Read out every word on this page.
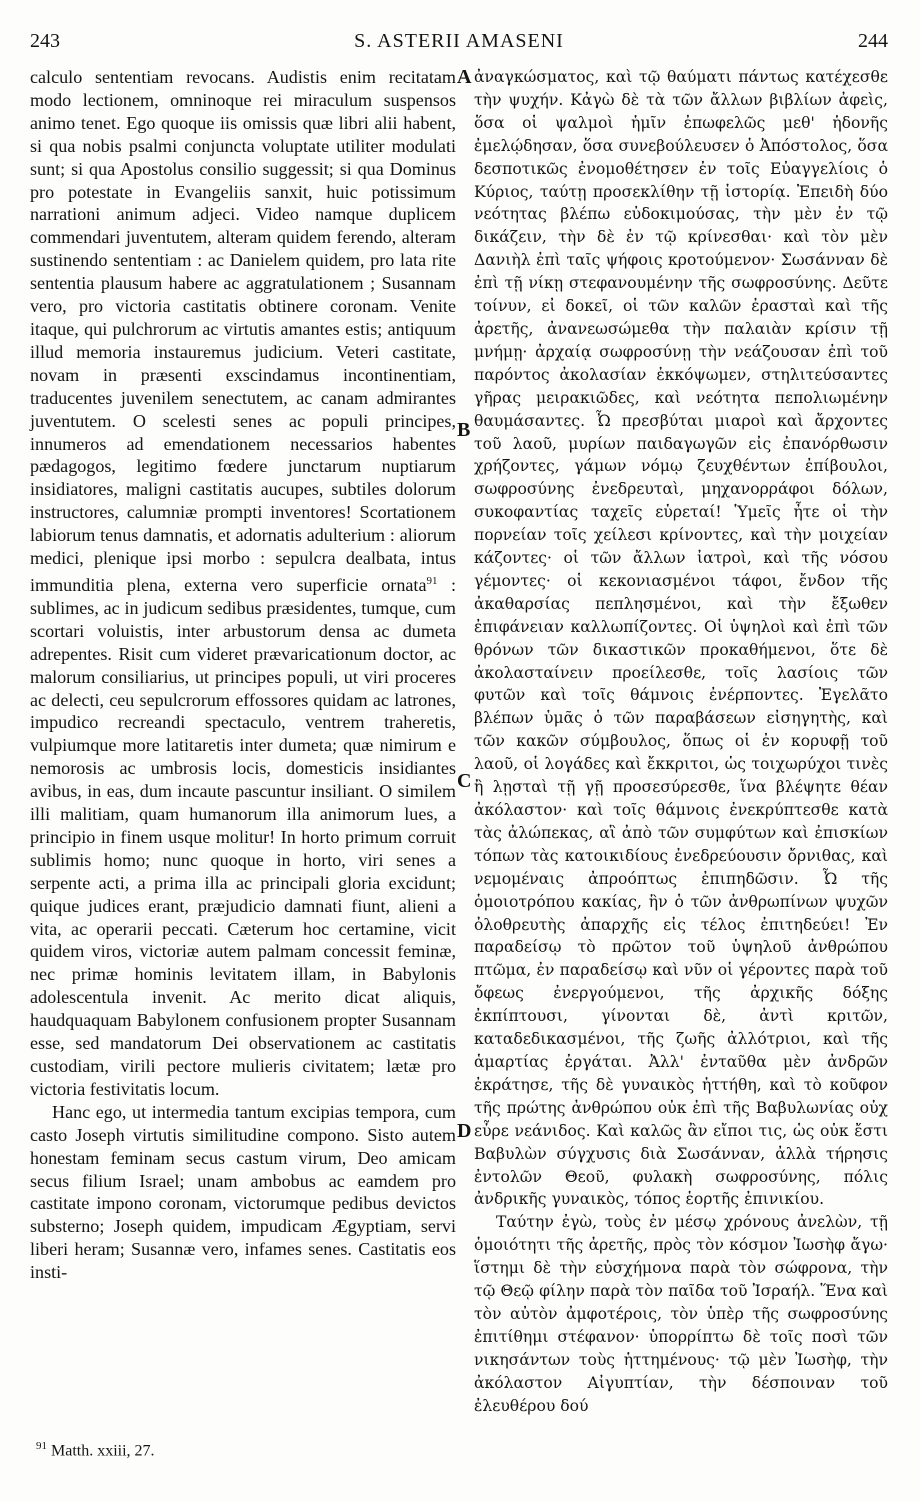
243	S. ASTERII AMASENI	244
A
B
C
D

calculo sententiam revocans. Audistis enim recitatam modo lectionem, omninoque rei miraculum suspensos animo tenet. Ego quoque iis omissis quæ libri alii habent, si qua nobis psalmi conjuncta voluptate utiliter modulati sunt; si qua Apostolus consilio suggessit; si qua Dominus pro potestate in Evangeliis sanxit, huic potissimum narrationi animum adjeci. Video namque duplicem commendari juventutem, alteram quidem ferendo, alteram sustinendo sententiam : ac Danielem quidem, pro lata rite sententia plausum habere ac aggratulationem ; Susannam vero, pro victoria castitatis obtinere coronam. Venite itaque, qui pulchrorum ac virtutis amantes estis; antiquum illud memoria instauremus judicium. Veteri castitate, novam in præsenti exscindamus incontinentiam, traducentes juvenilem senectutem, ac canam admirantes juventutem. O scelesti senes ac populi principes, innumeros ad emendationem necessarios habentes pædagogos, legitimo fœdere junctarum nuptiarum insidiatores, maligni castitatis aucupes, subtiles dolorum instructores, calumniæ prompti inventores! Scortationem labiorum tenus damnatis, et adornatis adulterium : aliorum medici, plenique ipsi morbo : sepulcra dealbata, intus immunditia plena, externa vero superficie ornata$^{91}$ : sublimes, ac in judicum sedibus præsidentes, tumque, cum scortari voluistis, inter arbustorum densa ac dumeta adrepentes. Risit cum videret prævaricationum doctor, ac malorum consiliarius, ut principes populi, ut viri proceres ac delecti, ceu sepulcrorum effossores quidam ac latrones, impudico recreandi spectaculo, ventrem traheretis, vulpiumque more latitaretis inter dumeta; quæ nimirum e nemorosis ac umbrosis locis, domesticis insidiantes avibus, in eas, dum incaute pascuntur insiliant. O similem illi malitiam, quam humanorum illa animorum lues, a principio in finem usque molitur! In horto primum corruit sublimis homo; nunc quoque in horto, viri senes a serpente acti, a prima illa ac principali gloria excidunt; quique judices erant, præjudicio damnati fiunt, alieni a vita, ac operarii peccati. Cæterum hoc certamine, vicit quidem viros, victoriæ autem palmam concessit feminæ, nec primæ hominis levitatem illam, in Babylonis adolescentula invenit. Ac merito dicat aliquis, haudquaquam Babylonem confusionem propter Susannam esse, sed mandatorum Dei observationem ac castitatis custodiam, virili pectore mulieris civitatem; lætæ pro victoria festivitatis locum.

Hanc ego, ut intermedia tantum excipias tempora, cum casto Joseph virtutis similitudine compono. Sisto autem honestam feminam secus castum virum, Deo amicam secus filium Israel; unam ambobus ac eamdem pro castitate impono coronam, victorumque pedibus devictos substerno; Joseph quidem, impudicam Ægyptiam, servi liberi heram; Susannæ vero, infames senes. Castitatis eos insti-

ἀναγκώσματος, καὶ τῷ θαύματι πάντως κατέχεσθε τὴν ψυχήν. Κἀγὼ δὲ τὰ τῶν ἄλλων βιβλίων ἀφεὶς, ὅσα οἱ ψαλμοὶ ἡμῖν ἐπωφελῶς μεθ' ἡδονῆς ἐμελῴδησαν, ὅσα συνεβούλευσεν ὁ Ἀπόστολος, ὅσα δεσποτικῶς ἐνομοθέτησεν ἐν τοῖς Εὐαγγελίοις ὁ Κύριος, ταύτῃ προσεκλίθην τῇ ἱστορίᾳ. Ἐπειδὴ δύο νεότητας βλέπω εὐδοκιμούσας, τὴν μὲν ἐν τῷ δικάζειν, τὴν δὲ ἐν τῷ κρίνεσθαι· καὶ τὸν μὲν Δανιὴλ ἐπὶ ταῖς ψήφοις κροτούμενον· Σωσάνναν δὲ ἐπὶ τῇ νίκῃ στεφανουμένην τῆς σωφροσύνης. Δεῦτε τοίνυν, εἰ δοκεῖ, οἱ τῶν καλῶν ἐρασταὶ καὶ τῆς ἀρετῆς, ἀνανεωσώμεθα τὴν παλαιὰν κρίσιν τῇ μνήμῃ· ἀρχαίᾳ σωφροσύνῃ τὴν νεάζουσαν ἐπὶ τοῦ παρόντος ἀκολασίαν ἐκκόψωμεν, στηλιτεύσαντες γῆρας μειρακιῶδες, καὶ νεότητα πεπολιωμένην θαυμάσαντες. Ὦ πρεσβύται μιαροὶ καὶ ἄρχοντες τοῦ λαοῦ, μυρίων παιδαγωγῶν εἰς ἐπανόρθωσιν χρήζοντες, γάμων νόμῳ ζευχθέντων ἐπίβουλοι, σωφροσύνης ἐνεδρευταὶ, μηχανορράφοι δόλων, συκοφαντίας ταχεῖς εὑρεταί! Ὑμεῖς ἦτε οἱ τὴν πορνείαν τοῖς χείλεσι κρίνοντες, καὶ τὴν μοιχείαν κάζοντες· οἱ τῶν ἄλλων ἰατροὶ, καὶ τῆς νόσου γέμοντες· οἱ κεκονιασμένοι τάφοι, ἔνδον τῆς ἀκαθαρσίας πεπλησμένοι, καὶ τὴν ἔξωθεν ἐπιφάνειαν καλλωπίζοντες. Οἱ ὑψηλοὶ καὶ ἐπὶ τῶν θρόνων τῶν δικαστικῶν προκαθήμενοι, ὅτε δὲ ἀκολασταίνειν προείλεσθε, τοῖς λασίοις τῶν φυτῶν καὶ τοῖς θάμνοις ἐνέρποντες. Ἐγελᾶτο βλέπων ὑμᾶς ὁ τῶν παραβάσεων εἰσηγητὴς, καὶ τῶν κακῶν σύμβουλος, ὅπως οἱ ἐν κορυφῇ τοῦ λαοῦ, οἱ λογάδες καὶ ἔκκριτοι, ὡς τοιχωρύχοι τινὲς ἢ λῃσταὶ τῇ γῇ προσεσύρεσθε, ἵνα βλέψητε θέαν ἀκόλαστον· καὶ τοῖς θάμνοις ἐνεκρύπτεσθε κατὰ τὰς ἀλώπεκας, αἳ ἀπὸ τῶν συμφύτων καὶ ἐπισκίων τόπων τὰς κατοικιδίους ἐνεδρεύουσιν ὄρνιθας, καὶ νεμομέναις ἀπροόπτως ἐπιπηδῶσιν. Ὦ τῆς ὁμοιοτρόπου κακίας, ἣν ὁ τῶν ἀνθρωπίνων ψυχῶν ὀλοθρευτὴς ἀπαρχῆς εἰς τέλος ἐπιτηδεύει! Ἐν παραδείσῳ τὸ πρῶτον τοῦ ὑψηλοῦ ἀνθρώπου πτῶμα, ἐν παραδείσῳ καὶ νῦν οἱ γέροντες παρὰ τοῦ ὄφεως ἐνεργούμενοι, τῆς ἀρχικῆς δόξης ἐκπίπτουσι, γίνονται δὲ, ἀντὶ κριτῶν, καταδεδικασμένοι, τῆς ζωῆς ἀλλότριοι, καὶ τῆς ἁμαρτίας ἐργάται. Ἀλλ' ἐνταῦθα μὲν ἀνδρῶν ἐκράτησε, τῆς δὲ γυναικὸς ἡττήθη, καὶ τὸ κοῦφον τῆς πρώτης ἀνθρώπου οὐκ ἐπὶ τῆς Βαβυλωνίας οὐχ εὗρε νεάνιδος. Καὶ καλῶς ἂν εἴποι τις, ὡς οὐκ ἔστι Βαβυλὼν σύγχυσις διὰ Σωσάνναν, ἀλλὰ τήρησις ἐντολῶν Θεοῦ, φυλακὴ σωφροσύνης, πόλις ἀνδρικῆς γυναικὸς, τόπος ἑορτῆς ἐπινικίου.

Ταύτην ἐγὼ, τοὺς ἐν μέσῳ χρόνους ἀνελὼν, τῇ ὁμοιότητι τῆς ἀρετῆς, πρὸς τὸν κόσμον Ἰωσὴφ ἄγω· ἵστημι δὲ τὴν εὐσχήμονα παρὰ τὸν σώφρονα, τὴν τῷ Θεῷ φίλην παρὰ τὸν παῖδα τοῦ Ἰσραήλ. Ἕνα καὶ τὸν αὐτὸν ἀμφοτέροις, τὸν ὑπὲρ τῆς σωφροσύνης ἐπιτίθημι στέφανον· ὑπορρίπτω δὲ τοῖς ποσὶ τῶν νικησάντων τοὺς ἡττημένους· τῷ μὲν Ἰωσὴφ, τὴν ἀκόλαστον Αἰγυπτίαν, τὴν δέσποιναν τοῦ ἐλευθέρου δού

$^{91}$ Matth. xxiii, 27.
